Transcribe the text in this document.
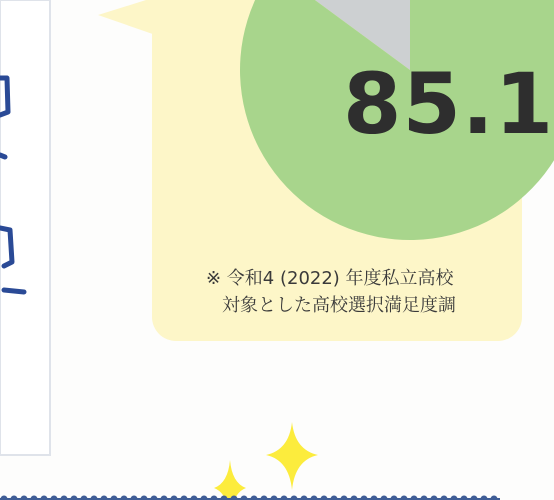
85.1
※ 令和4 (2022) 年度私立高校
対象とした高校選択満足度調
